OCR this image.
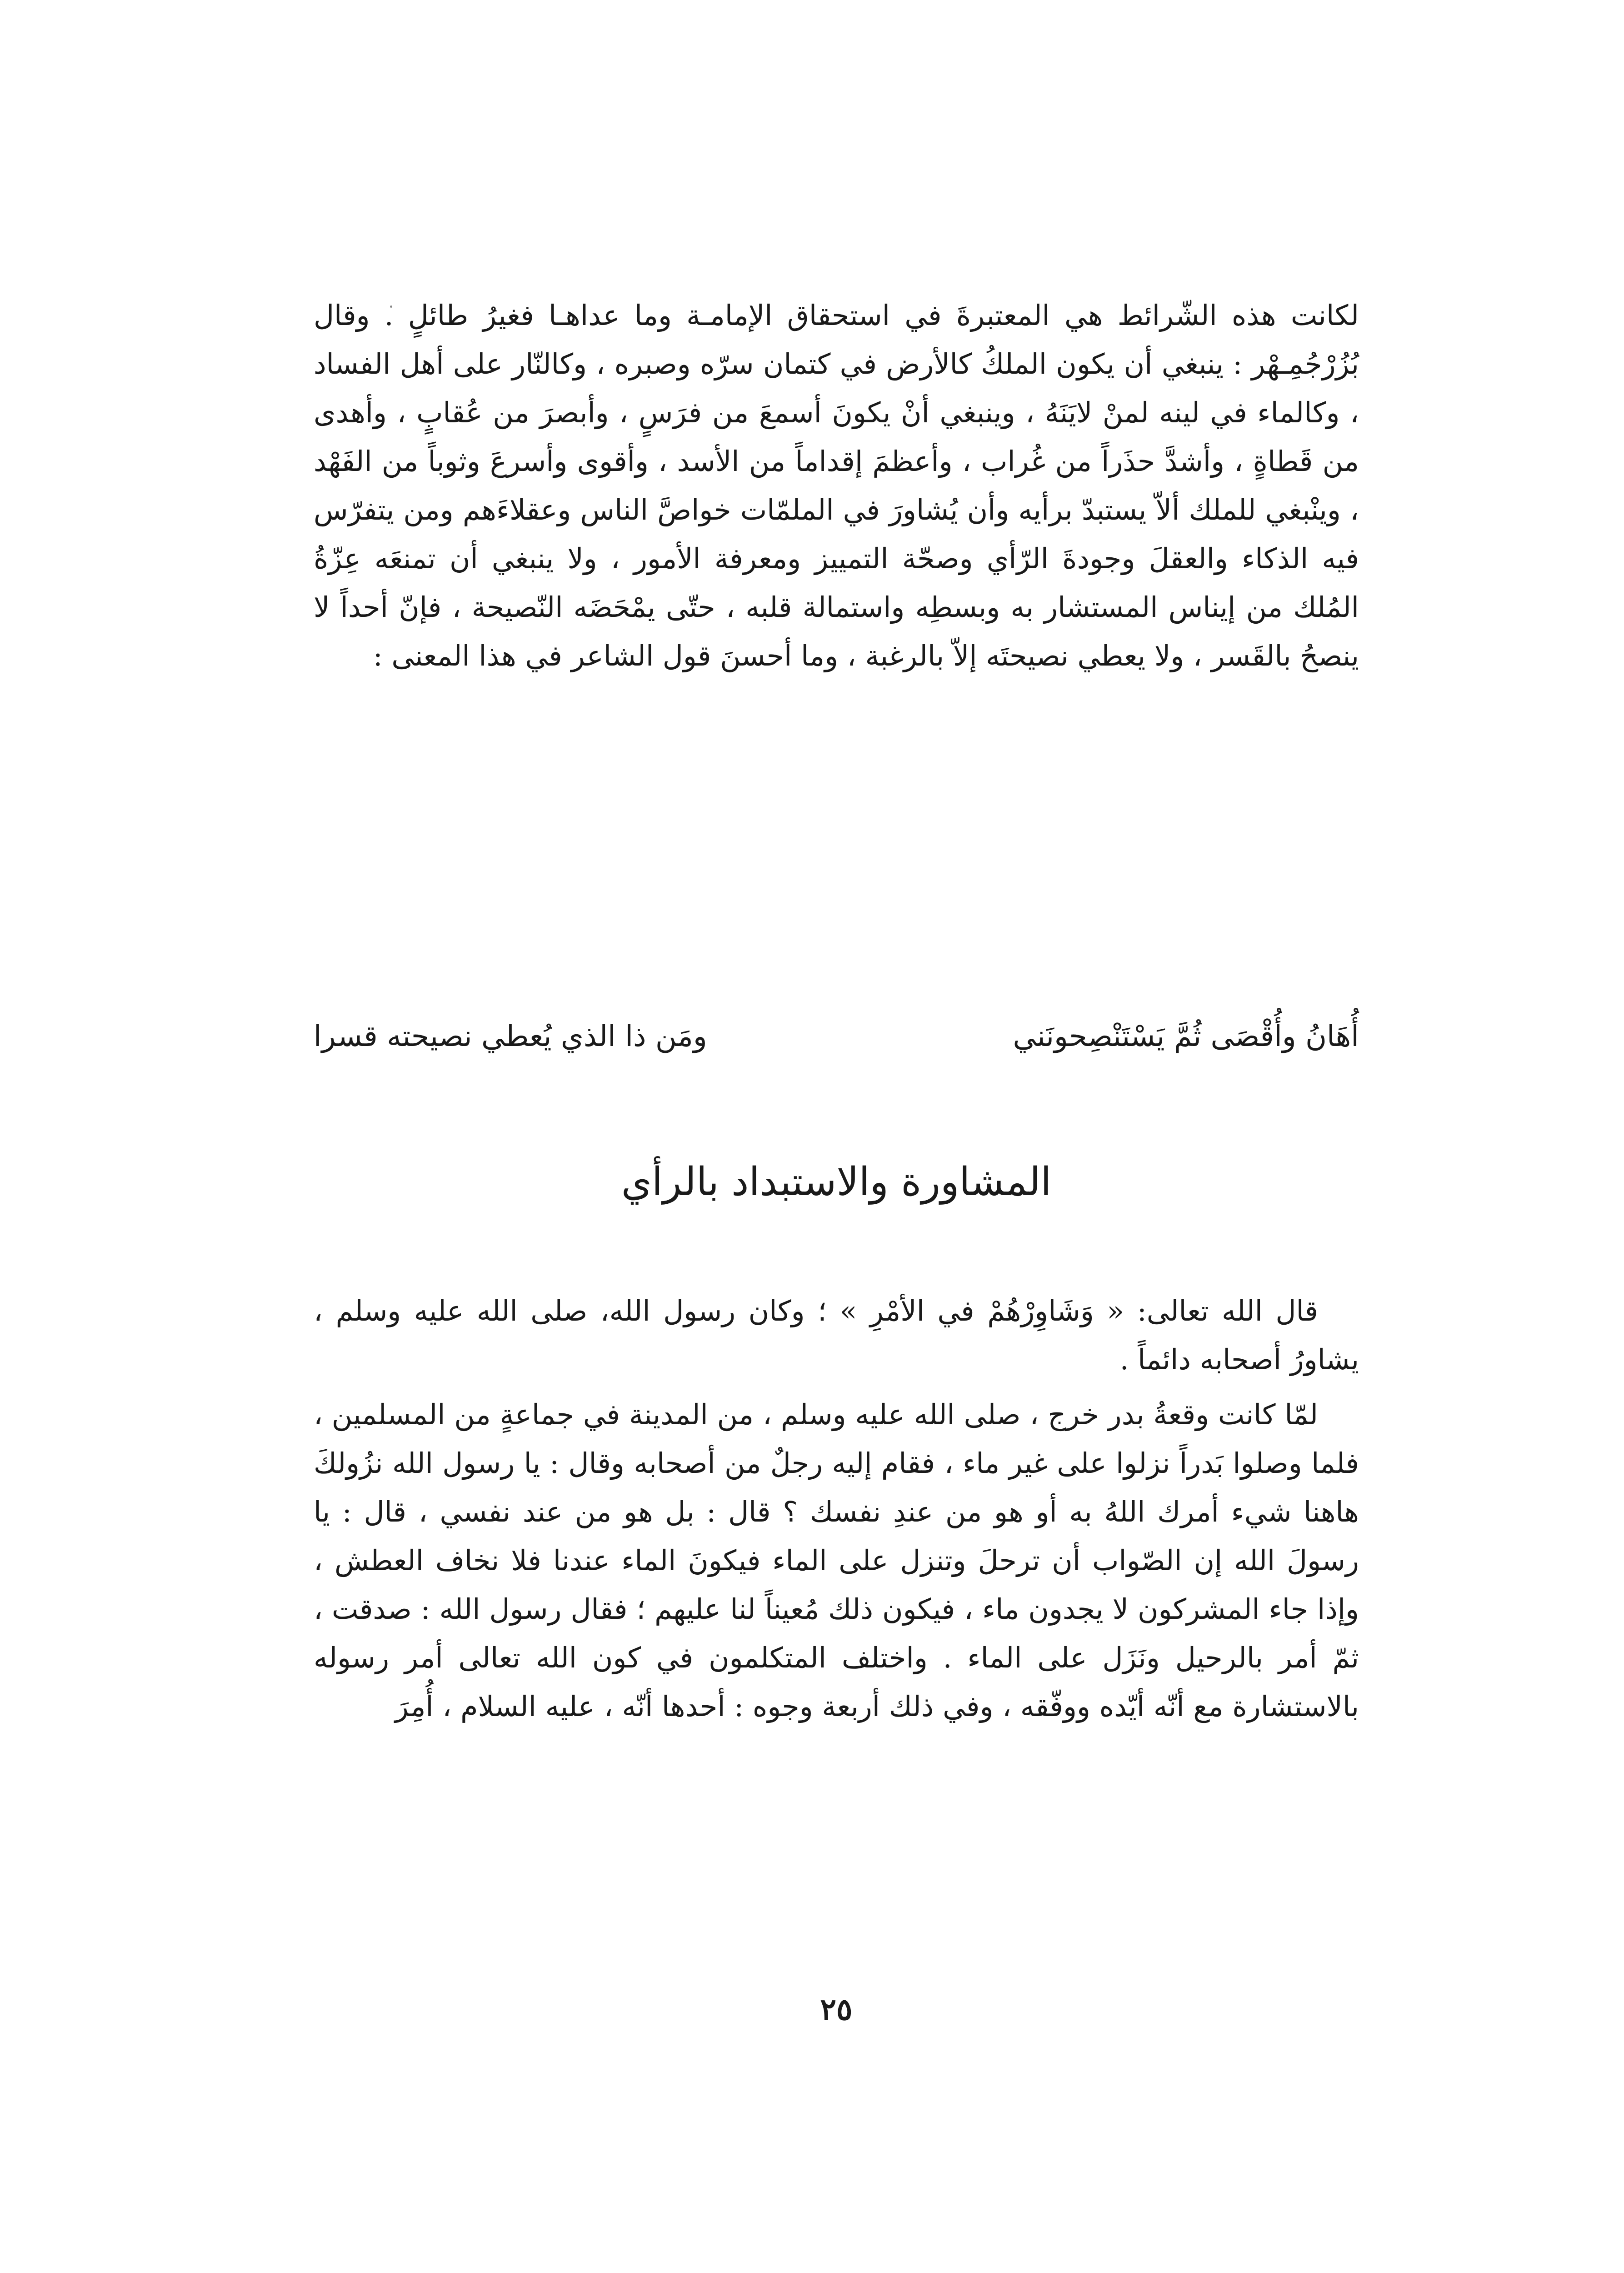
لكانت هذه الشّرائط هي المعتبرةَ في استحقاق الإمامـة وما عداهـا فغيرُ طائلٍ . وقال بُزُرْجُمِـهْر : ينبغي أن يكون الملكُ كالأرض في كتمان سرّه وصبره ، وكالنّار على أهل الفساد ، وكالماء في لينه لمنْ لايَنَهُ ، وينبغي أنْ يكونَ أسمعَ من فرَسٍ ، وأبصرَ من عُقابٍ ، وأهدى من قَطاةٍ ، وأشدَّ حذَراً من غُراب ، وأعظمَ إقداماً من الأسد ، وأقوى وأسرعَ وثوباً من الفَهْد ، وينْبغي للملك ألاّ يستبدّ برأيه وأن يُشاورَ في الملمّات خواصَّ الناس وعقلاءَهم ومن يتفرّس فيه الذكاء والعقلَ وجودةَ الرّأي وصحّة التمييز ومعرفة الأمور ، ولا ينبغي أن تمنعَه عِزّةُ المُلك من إيناس المستشار به وبسطِه واستمالة قلبه ، حتّى يمْحَضَه النّصيحة ، فإنّ أحداً لا ينصحُ بالقَسر ، ولا يعطي نصيحتَه إلاّ بالرغبة ، وما أحسنَ قول الشاعر في هذا المعنى :

أُهَانُ وأُقْصَى ثُمَّ يَسْتَنْصِحونَني
ومَن ذا الذي يُعطي نصيحته قسرا
المشاورة والاستبداد بالرأي

قال الله تعالى: « وَشَاوِرْهُمْ في الأمْرِ » ؛ وكان رسول الله، صلى الله عليه وسلم ، يشاورُ أصحابه دائماً .

لمّا كانت وقعةُ بدر خرج ، صلى الله عليه وسلم ، من المدينة في جماعةٍ من المسلمين ، فلما وصلوا بَدراً نزلوا على غير ماء ، فقام إليه رجلٌ من أصحابه وقال : يا رسول الله نزُولكَ هاهنا شيء أمرك اللهُ به أو هو من عندِ نفسك ؟ قال : بل هو من عند نفسي ، قال : يا رسولَ الله إن الصّواب أن ترحلَ وتنزل على الماء فيكونَ الماء عندنا فلا نخاف العطش ، وإذا جاء المشركون لا يجدون ماء ، فيكون ذلك مُعيناً لنا عليهم ؛ فقال رسول الله : صدقت ، ثمّ أمر بالرحيل ونَزَل على الماء . واختلف المتكلمون في كون الله تعالى أمر رسوله بالاستشارة مع أنّه أيّده ووفّقه ، وفي ذلك أربعة وجوه : أحدها أنّه ، عليه السلام ، أُمِرَ

٢٥
